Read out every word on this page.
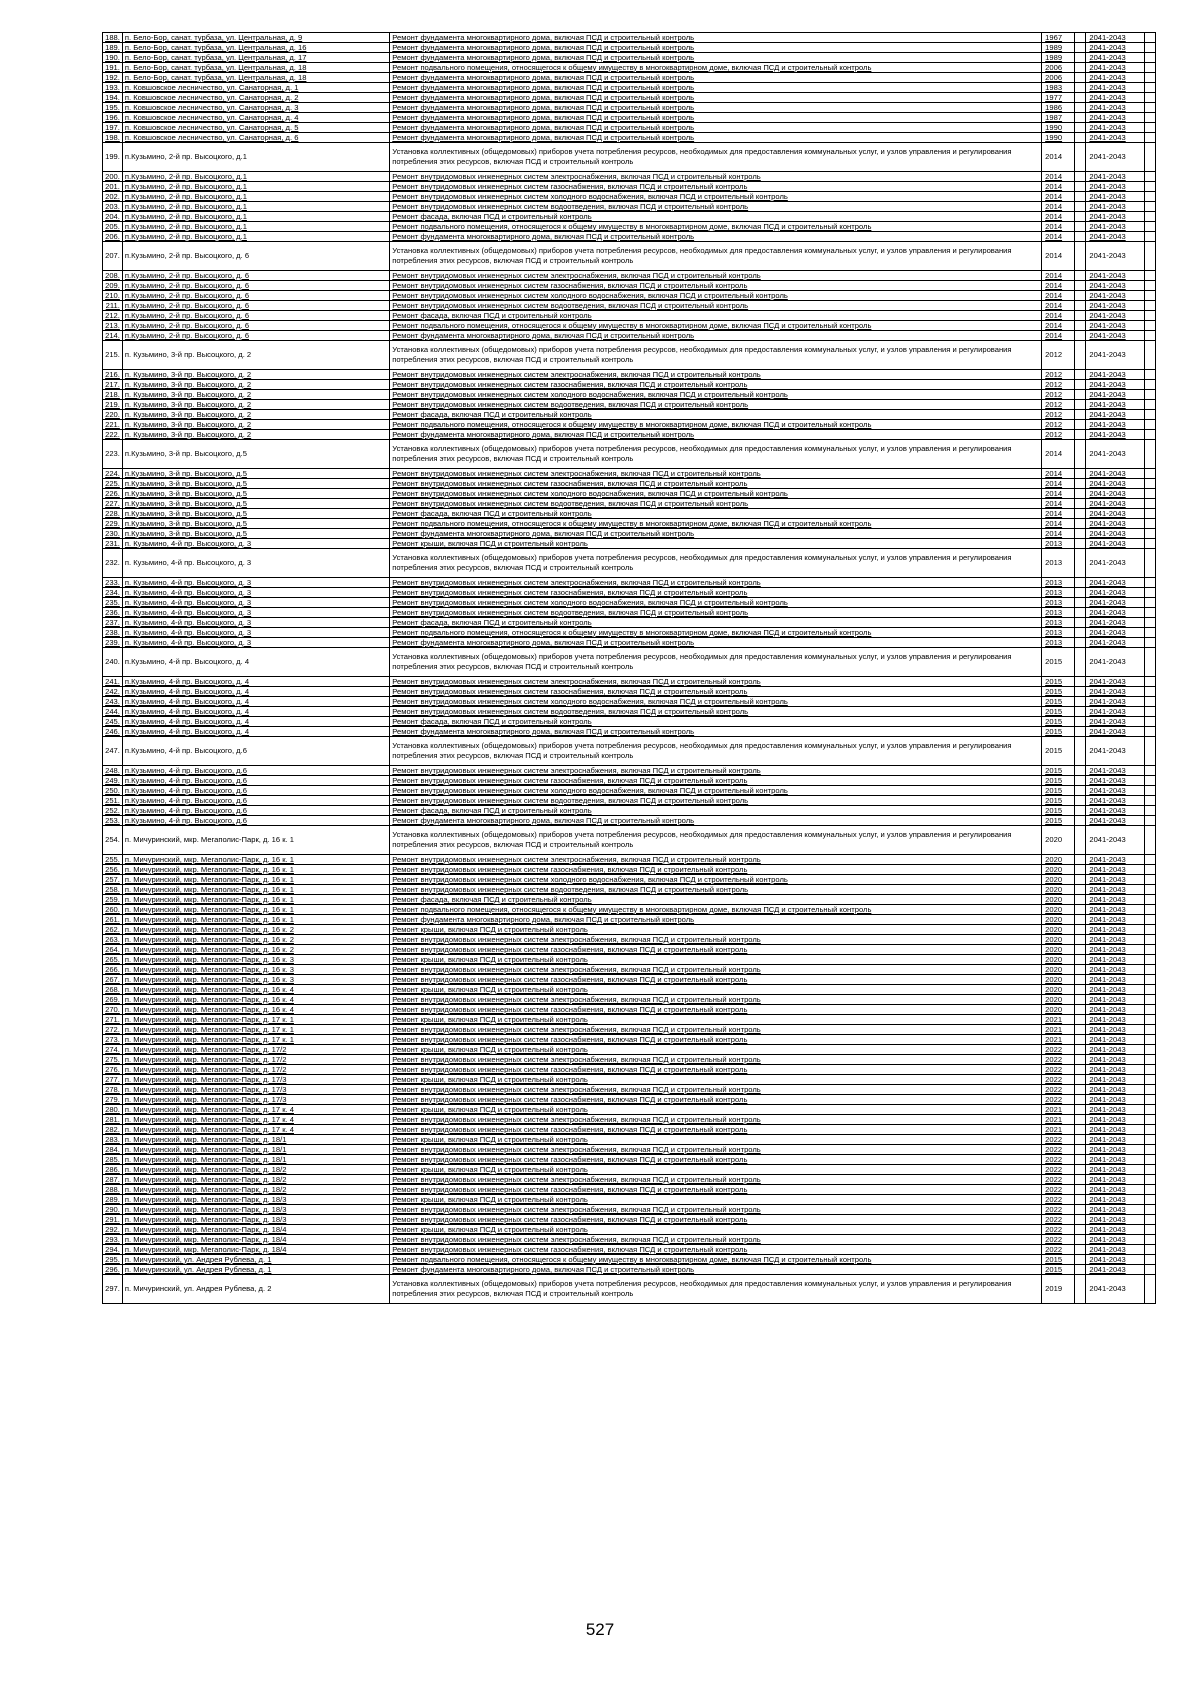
188.	п. Бело-Бор, санат. турбаза, ул. Центральная, д. 9	Ремонт фундамента многоквартирного дома, включая ПСД и строительный контроль	1967		2041-2043	
189.	п. Бело-Бор, санат. турбаза, ул. Центральная, д. 16	Ремонт фундамента многоквартирного дома, включая ПСД и строительный контроль	1989		2041-2043	
190.	п. Бело-Бор, санат. турбаза, ул. Центральная, д. 17	Ремонт фундамента многоквартирного дома, включая ПСД и строительный контроль	1989		2041-2043	
191.	п. Бело-Бор, санат. турбаза, ул. Центральная, д. 18	Ремонт подвального помещения, относящегося к общему имуществу в многоквартирном доме, включая ПСД и строительный контроль	2006		2041-2043	
192.	п. Бело-Бор, санат. турбаза, ул. Центральная, д. 18	Ремонт фундамента многоквартирного дома, включая ПСД и строительный контроль	2006		2041-2043	
193.	п. Ковшовское лесничество, ул. Санаторная, д. 1	Ремонт фундамента многоквартирного дома, включая ПСД и строительный контроль	1983		2041-2043	
194.	п. Ковшовское лесничество, ул. Санаторная, д. 2	Ремонт фундамента многоквартирного дома, включая ПСД и строительный контроль	1977		2041-2043	
195.	п. Ковшовское лесничество, ул. Санаторная, д. 3	Ремонт фундамента многоквартирного дома, включая ПСД и строительный контроль	1986		2041-2043	
196.	п. Ковшовское лесничество, ул. Санаторная, д. 4	Ремонт фундамента многоквартирного дома, включая ПСД и строительный контроль	1987		2041-2043	
197.	п. Ковшовское лесничество, ул. Санаторная, д. 5	Ремонт фундамента многоквартирного дома, включая ПСД и строительный контроль	1990		2041-2043	
198.	п. Ковшовское лесничество, ул. Санаторная, д. 6	Ремонт фундамента многоквартирного дома, включая ПСД и строительный контроль	1990		2041-2043	
199.	п.Кузьмино, 2-й пр. Высоцкого, д.1	Установка коллективных (общедомовых) приборов учета потребления ресурсов, необходимых для предоставления коммунальных услуг, и узлов управления и регулирования потребления этих ресурсов, включая ПСД и строительный контроль	2014		2041-2043	
200.	п.Кузьмино, 2-й пр. Высоцкого, д.1	Ремонт внутридомовых инженерных систем электроснабжения, включая ПСД и строительный контроль	2014		2041-2043	
201.	п.Кузьмино, 2-й пр. Высоцкого, д.1	Ремонт внутридомовых инженерных систем газоснабжения, включая ПСД и строительный контроль	2014		2041-2043	
202.	п.Кузьмино, 2-й пр. Высоцкого, д.1	Ремонт внутридомовых инженерных систем холодного водоснабжения, включая ПСД и строительный контроль	2014		2041-2043	
203.	п.Кузьмино, 2-й пр. Высоцкого, д.1	Ремонт внутридомовых инженерных систем водоотведения, включая ПСД и строительный контроль	2014		2041-2043	
204.	п.Кузьмино, 2-й пр. Высоцкого, д.1	Ремонт фасада, включая ПСД и строительный контроль	2014		2041-2043	
205.	п.Кузьмино, 2-й пр. Высоцкого, д.1	Ремонт подвального помещения, относящегося к общему имуществу в многоквартирном доме, включая ПСД и строительный контроль	2014		2041-2043	
206.	п.Кузьмино, 2-й пр. Высоцкого, д.1	Ремонт фундамента многоквартирного дома, включая ПСД и строительный контроль	2014		2041-2043	
207.	п.Кузьмино, 2-й пр. Высоцкого, д. 6	Установка коллективных (общедомовых) приборов учета потребления ресурсов, необходимых для предоставления коммунальных услуг, и узлов управления и регулирования потребления этих ресурсов, включая ПСД и строительный контроль	2014		2041-2043	
208.	п.Кузьмино, 2-й пр. Высоцкого, д. 6	Ремонт внутридомовых инженерных систем электроснабжения, включая ПСД и строительный контроль	2014		2041-2043	
209.	п.Кузьмино, 2-й пр. Высоцкого, д. 6	Ремонт внутридомовых инженерных систем газоснабжения, включая ПСД и строительный контроль	2014		2041-2043	
210.	п.Кузьмино, 2-й пр. Высоцкого, д. 6	Ремонт внутридомовых инженерных систем холодного водоснабжения, включая ПСД и строительный контроль	2014		2041-2043	
211.	п.Кузьмино, 2-й пр. Высоцкого, д. 6	Ремонт внутридомовых инженерных систем водоотведения, включая ПСД и строительный контроль	2014		2041-2043	
212.	п.Кузьмино, 2-й пр. Высоцкого, д. 6	Ремонт фасада, включая ПСД и строительный контроль	2014		2041-2043	
213.	п.Кузьмино, 2-й пр. Высоцкого, д. 6	Ремонт подвального помещения, относящегося к общему имуществу в многоквартирном доме, включая ПСД и строительный контроль	2014		2041-2043	
214.	п.Кузьмино, 2-й пр. Высоцкого, д. 6	Ремонт фундамента многоквартирного дома, включая ПСД и строительный контроль	2014		2041-2043	
215.	п. Кузьмино, 3-й пр. Высоцкого, д. 2	Установка коллективных (общедомовых) приборов учета потребления ресурсов, необходимых для предоставления коммунальных услуг, и узлов управления и регулирования потребления этих ресурсов, включая ПСД и строительный контроль	2012		2041-2043	
216.	п. Кузьмино, 3-й пр. Высоцкого, д. 2	Ремонт внутридомовых инженерных систем электроснабжения, включая ПСД и строительный контроль	2012		2041-2043	
217.	п. Кузьмино, 3-й пр. Высоцкого, д. 2	Ремонт внутридомовых инженерных систем газоснабжения, включая ПСД и строительный контроль	2012		2041-2043	
218.	п. Кузьмино, 3-й пр. Высоцкого, д. 2	Ремонт внутридомовых инженерных систем холодного водоснабжения, включая ПСД и строительный контроль	2012		2041-2043	
219.	п. Кузьмино, 3-й пр. Высоцкого, д. 2	Ремонт внутридомовых инженерных систем водоотведения, включая ПСД и строительный контроль	2012		2041-2043	
220.	п. Кузьмино, 3-й пр. Высоцкого, д. 2	Ремонт фасада, включая ПСД и строительный контроль	2012		2041-2043	
221.	п. Кузьмино, 3-й пр. Высоцкого, д. 2	Ремонт подвального помещения, относящегося к общему имуществу в многоквартирном доме, включая ПСД и строительный контроль	2012		2041-2043	
222.	п. Кузьмино, 3-й пр. Высоцкого, д. 2	Ремонт фундамента многоквартирного дома, включая ПСД и строительный контроль	2012		2041-2043	
223.	п.Кузьмино, 3-й пр. Высоцкого, д.5	Установка коллективных (общедомовых) приборов учета потребления ресурсов, необходимых для предоставления коммунальных услуг, и узлов управления и регулирования потребления этих ресурсов, включая ПСД и строительный контроль	2014		2041-2043	
224.	п.Кузьмино, 3-й пр. Высоцкого, д.5	Ремонт внутридомовых инженерных систем электроснабжения, включая ПСД и строительный контроль	2014		2041-2043	
225.	п.Кузьмино, 3-й пр. Высоцкого, д.5	Ремонт внутридомовых инженерных систем газоснабжения, включая ПСД и строительный контроль	2014		2041-2043	
226.	п.Кузьмино, 3-й пр. Высоцкого, д.5	Ремонт внутридомовых инженерных систем холодного водоснабжения, включая ПСД и строительный контроль	2014		2041-2043	
227.	п.Кузьмино, 3-й пр. Высоцкого, д.5	Ремонт внутридомовых инженерных систем водоотведения, включая ПСД и строительный контроль	2014		2041-2043	
228.	п.Кузьмино, 3-й пр. Высоцкого, д.5	Ремонт фасада, включая ПСД и строительный контроль	2014		2041-2043	
229.	п.Кузьмино, 3-й пр. Высоцкого, д.5	Ремонт подвального помещения, относящегося к общему имуществу в многоквартирном доме, включая ПСД и строительный контроль	2014		2041-2043	
230.	п.Кузьмино, 3-й пр. Высоцкого, д.5	Ремонт фундамента многоквартирного дома, включая ПСД и строительный контроль	2014		2041-2043	
231.	п. Кузьмино, 4-й пр. Высоцкого, д. 3	Ремонт крыши, включая ПСД и строительный контроль	2013		2041-2043	
232.	п. Кузьмино, 4-й пр. Высоцкого, д. 3	Установка коллективных (общедомовых) приборов учета потребления ресурсов, необходимых для предоставления коммунальных услуг, и узлов управления и регулирования потребления этих ресурсов, включая ПСД и строительный контроль	2013		2041-2043	
233.	п. Кузьмино, 4-й пр. Высоцкого, д. 3	Ремонт внутридомовых инженерных систем электроснабжения, включая ПСД и строительный контроль	2013		2041-2043	
234.	п. Кузьмино, 4-й пр. Высоцкого, д. 3	Ремонт внутридомовых инженерных систем газоснабжения, включая ПСД и строительный контроль	2013		2041-2043	
235.	п. Кузьмино, 4-й пр. Высоцкого, д. 3	Ремонт внутридомовых инженерных систем холодного водоснабжения, включая ПСД и строительный контроль	2013		2041-2043	
236.	п. Кузьмино, 4-й пр. Высоцкого, д. 3	Ремонт внутридомовых инженерных систем водоотведения, включая ПСД и строительный контроль	2013		2041-2043	
237.	п. Кузьмино, 4-й пр. Высоцкого, д. 3	Ремонт фасада, включая ПСД и строительный контроль	2013		2041-2043	
238.	п. Кузьмино, 4-й пр. Высоцкого, д. 3	Ремонт подвального помещения, относящегося к общему имуществу в многоквартирном доме, включая ПСД и строительный контроль	2013		2041-2043	
239.	п. Кузьмино, 4-й пр. Высоцкого, д. 3	Ремонт фундамента многоквартирного дома, включая ПСД и строительный контроль	2013		2041-2043	
240.	п.Кузьмино, 4-й пр. Высоцкого, д. 4	Установка коллективных (общедомовых) приборов учета потребления ресурсов, необходимых для предоставления коммунальных услуг, и узлов управления и регулирования потребления этих ресурсов, включая ПСД и строительный контроль	2015		2041-2043	
241.	п.Кузьмино, 4-й пр. Высоцкого, д. 4	Ремонт внутридомовых инженерных систем электроснабжения, включая ПСД и строительный контроль	2015		2041-2043	
242.	п.Кузьмино, 4-й пр. Высоцкого, д. 4	Ремонт внутридомовых инженерных систем газоснабжения, включая ПСД и строительный контроль	2015		2041-2043	
243.	п.Кузьмино, 4-й пр. Высоцкого, д. 4	Ремонт внутридомовых инженерных систем холодного водоснабжения, включая ПСД и строительный контроль	2015		2041-2043	
244.	п.Кузьмино, 4-й пр. Высоцкого, д. 4	Ремонт внутридомовых инженерных систем водоотведения, включая ПСД и строительный контроль	2015		2041-2043	
245.	п.Кузьмино, 4-й пр. Высоцкого, д. 4	Ремонт фасада, включая ПСД и строительный контроль	2015		2041-2043	
246.	п.Кузьмино, 4-й пр. Высоцкого, д. 4	Ремонт фундамента многоквартирного дома, включая ПСД и строительный контроль	2015		2041-2043	
247.	п.Кузьмино, 4-й пр. Высоцкого, д.6	Установка коллективных (общедомовых) приборов учета потребления ресурсов, необходимых для предоставления коммунальных услуг, и узлов управления и регулирования потребления этих ресурсов, включая ПСД и строительный контроль	2015		2041-2043	
248.	п.Кузьмино, 4-й пр. Высоцкого, д.6	Ремонт внутридомовых инженерных систем электроснабжения, включая ПСД и строительный контроль	2015		2041-2043	
249.	п.Кузьмино, 4-й пр. Высоцкого, д.6	Ремонт внутридомовых инженерных систем газоснабжения, включая ПСД и строительный контроль	2015		2041-2043	
250.	п.Кузьмино, 4-й пр. Высоцкого, д.6	Ремонт внутридомовых инженерных систем холодного водоснабжения, включая ПСД и строительный контроль	2015		2041-2043	
251.	п.Кузьмино, 4-й пр. Высоцкого, д.6	Ремонт внутридомовых инженерных систем водоотведения, включая ПСД и строительный контроль	2015		2041-2043	
252.	п.Кузьмино, 4-й пр. Высоцкого, д.6	Ремонт фасада, включая ПСД и строительный контроль	2015		2041-2043	
253.	п.Кузьмино, 4-й пр. Высоцкого, д.6	Ремонт фундамента многоквартирного дома, включая ПСД и строительный контроль	2015		2041-2043	
254.	п. Мичуринский, мкр. Мегаполис-Парк, д. 16 к. 1	Установка коллективных (общедомовых) приборов учета потребления ресурсов, необходимых для предоставления коммунальных услуг, и узлов управления и регулирования потребления этих ресурсов, включая ПСД и строительный контроль	2020		2041-2043	
255.	п. Мичуринский, мкр. Мегаполис-Парк, д. 16 к. 1	Ремонт внутридомовых инженерных систем электроснабжения, включая ПСД и строительный контроль	2020		2041-2043	
256.	п. Мичуринский, мкр. Мегаполис-Парк, д. 16 к. 1	Ремонт внутридомовых инженерных систем газоснабжения, включая ПСД и строительный контроль	2020		2041-2043	
257.	п. Мичуринский, мкр. Мегаполис-Парк, д. 16 к. 1	Ремонт внутридомовых инженерных систем холодного водоснабжения, включая ПСД и строительный контроль	2020		2041-2043	
258.	п. Мичуринский, мкр. Мегаполис-Парк, д. 16 к. 1	Ремонт внутридомовых инженерных систем водоотведения, включая ПСД и строительный контроль	2020		2041-2043	
259.	п. Мичуринский, мкр. Мегаполис-Парк, д. 16 к. 1	Ремонт фасада, включая ПСД и строительный контроль	2020		2041-2043	
260.	п. Мичуринский, мкр. Мегаполис-Парк, д. 16 к. 1	Ремонт подвального помещения, относящегося к общему имуществу в многоквартирном доме, включая ПСД и строительный контроль	2020		2041-2043	
261.	п. Мичуринский, мкр. Мегаполис-Парк, д. 16 к. 1	Ремонт фундамента многоквартирного дома, включая ПСД и строительный контроль	2020		2041-2043	
262.	п. Мичуринский, мкр. Мегаполис-Парк, д. 16 к. 2	Ремонт крыши, включая ПСД и строительный контроль	2020		2041-2043	
263.	п. Мичуринский, мкр. Мегаполис-Парк, д. 16 к. 2	Ремонт внутридомовых инженерных систем электроснабжения, включая ПСД и строительный контроль	2020		2041-2043	
264.	п. Мичуринский, мкр. Мегаполис-Парк, д. 16 к. 2	Ремонт внутридомовых инженерных систем газоснабжения, включая ПСД и строительный контроль	2020		2041-2043	
265.	п. Мичуринский, мкр. Мегаполис-Парк, д. 16 к. 3	Ремонт крыши, включая ПСД и строительный контроль	2020		2041-2043	
266.	п. Мичуринский, мкр. Мегаполис-Парк, д. 16 к. 3	Ремонт внутридомовых инженерных систем электроснабжения, включая ПСД и строительный контроль	2020		2041-2043	
267.	п. Мичуринский, мкр. Мегаполис-Парк, д. 16 к. 3	Ремонт внутридомовых инженерных систем газоснабжения, включая ПСД и строительный контроль	2020		2041-2043	
268.	п. Мичуринский, мкр. Мегаполис-Парк, д. 16 к. 4	Ремонт крыши, включая ПСД и строительный контроль	2020		2041-2043	
269.	п. Мичуринский, мкр. Мегаполис-Парк, д. 16 к. 4	Ремонт внутридомовых инженерных систем электроснабжения, включая ПСД и строительный контроль	2020		2041-2043	
270.	п. Мичуринский, мкр. Мегаполис-Парк, д. 16 к. 4	Ремонт внутридомовых инженерных систем газоснабжения, включая ПСД и строительный контроль	2020		2041-2043	
271.	п. Мичуринский, мкр. Мегаполис-Парк, д. 17 к. 1	Ремонт крыши, включая ПСД и строительный контроль	2021		2041-2043	
272.	п. Мичуринский, мкр. Мегаполис-Парк, д. 17 к. 1	Ремонт внутридомовых инженерных систем электроснабжения, включая ПСД и строительный контроль	2021		2041-2043	
273.	п. Мичуринский, мкр. Мегаполис-Парк, д. 17 к. 1	Ремонт внутридомовых инженерных систем газоснабжения, включая ПСД и строительный контроль	2021		2041-2043	
274.	п. Мичуринский, мкр. Мегаполис-Парк, д. 17/2	Ремонт крыши, включая ПСД и строительный контроль	2022		2041-2043	
275.	п. Мичуринский, мкр. Мегаполис-Парк, д. 17/2	Ремонт внутридомовых инженерных систем электроснабжения, включая ПСД и строительный контроль	2022		2041-2043	
276.	п. Мичуринский, мкр. Мегаполис-Парк, д. 17/2	Ремонт внутридомовых инженерных систем газоснабжения, включая ПСД и строительный контроль	2022		2041-2043	
277.	п. Мичуринский, мкр. Мегаполис-Парк, д. 17/3	Ремонт крыши, включая ПСД и строительный контроль	2022		2041-2043	
278.	п. Мичуринский, мкр. Мегаполис-Парк, д. 17/3	Ремонт внутридомовых инженерных систем электроснабжения, включая ПСД и строительный контроль	2022		2041-2043	
279.	п. Мичуринский, мкр. Мегаполис-Парк, д. 17/3	Ремонт внутридомовых инженерных систем газоснабжения, включая ПСД и строительный контроль	2022		2041-2043	
280.	п. Мичуринский, мкр. Мегаполис-Парк, д. 17 к. 4	Ремонт крыши, включая ПСД и строительный контроль	2021		2041-2043	
281.	п. Мичуринский, мкр. Мегаполис-Парк, д. 17 к. 4	Ремонт внутридомовых инженерных систем электроснабжения, включая ПСД и строительный контроль	2021		2041-2043	
282.	п. Мичуринский, мкр. Мегаполис-Парк, д. 17 к. 4	Ремонт внутридомовых инженерных систем газоснабжения, включая ПСД и строительный контроль	2021		2041-2043	
283.	п. Мичуринский, мкр. Мегаполис-Парк, д. 18/1	Ремонт крыши, включая ПСД и строительный контроль	2022		2041-2043	
284.	п. Мичуринский, мкр. Мегаполис-Парк, д. 18/1	Ремонт внутридомовых инженерных систем электроснабжения, включая ПСД и строительный контроль	2022		2041-2043	
285.	п. Мичуринский, мкр. Мегаполис-Парк, д. 18/1	Ремонт внутридомовых инженерных систем газоснабжения, включая ПСД и строительный контроль	2022		2041-2043	
286.	п. Мичуринский, мкр. Мегаполис-Парк, д. 18/2	Ремонт крыши, включая ПСД и строительный контроль	2022		2041-2043	
287.	п. Мичуринский, мкр. Мегаполис-Парк, д. 18/2	Ремонт внутридомовых инженерных систем электроснабжения, включая ПСД и строительный контроль	2022		2041-2043	
288.	п. Мичуринский, мкр. Мегаполис-Парк, д. 18/2	Ремонт внутридомовых инженерных систем газоснабжения, включая ПСД и строительный контроль	2022		2041-2043	
289.	п. Мичуринский, мкр. Мегаполис-Парк, д. 18/3	Ремонт крыши, включая ПСД и строительный контроль	2022		2041-2043	
290.	п. Мичуринский, мкр. Мегаполис-Парк, д. 18/3	Ремонт внутридомовых инженерных систем электроснабжения, включая ПСД и строительный контроль	2022		2041-2043	
291.	п. Мичуринский, мкр. Мегаполис-Парк, д. 18/3	Ремонт внутридомовых инженерных систем газоснабжения, включая ПСД и строительный контроль	2022		2041-2043	
292.	п. Мичуринский, мкр. Мегаполис-Парк, д. 18/4	Ремонт крыши, включая ПСД и строительный контроль	2022		2041-2043	
293.	п. Мичуринский, мкр. Мегаполис-Парк, д. 18/4	Ремонт внутридомовых инженерных систем электроснабжения, включая ПСД и строительный контроль	2022		2041-2043	
294.	п. Мичуринский, мкр. Мегаполис-Парк, д. 18/4	Ремонт внутридомовых инженерных систем газоснабжения, включая ПСД и строительный контроль	2022		2041-2043	
295.	п. Мичуринский, ул. Андрея Рублева, д. 1	Ремонт подвального помещения, относящегося к общему имуществу в многоквартирном доме, включая ПСД и строительный контроль	2015		2041-2043	
296.	п. Мичуринский, ул. Андрея Рублева, д. 1	Ремонт фундамента многоквартирного дома, включая ПСД и строительный контроль	2015		2041-2043	
297.	п. Мичуринский, ул. Андрея Рублева, д. 2	Установка коллективных (общедомовых) приборов учета потребления ресурсов, необходимых для предоставления коммунальных услуг, и узлов управления и регулирования потребления этих ресурсов, включая ПСД и строительный контроль	2019		2041-2043	
527
